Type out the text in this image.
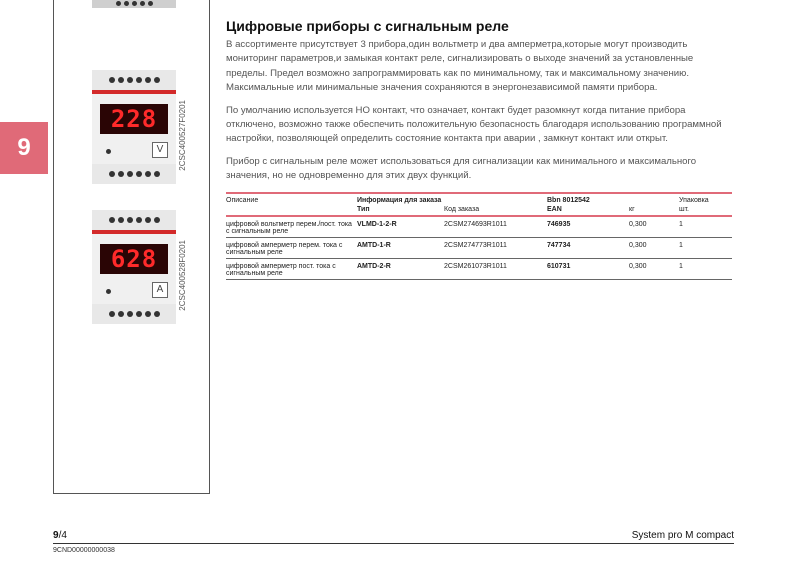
9
228
V	2CSC400527F0201
628
A	2CSC400528F0201
Цифровые приборы с сигнальным реле

В ассортименте присутствует 3 прибора,один вольтметр и два амперметра,которые могут производить мониторинг параметров,и замыкая контакт реле, сигнализировать о выходе значений за установленные пределы. Предел возможно запрограммировать как по минимальному, так и максимальному значению. Максимальные или минимальные значения сохраняются в энергонезависимой памяти прибора.

По умолчанию используется НО контакт, что означает, контакт будет разомкнут когда питание прибора отключено, возможно также обеспечить положительную безопасность благодаря использованию программной настройки, позволяющей определить состояние контакта при аварии , замкнут контакт или открыт.

Прибор с сигнальным реле может использоваться для сигнализации как минимального и максимального значения, но не одновременно для этих двух функций.

Описание	Информация для заказа		Bbn 8012542		Упаковка
	Тип	Код заказа	EAN	кг	шт.
цифровой вольтметр перем./пост. тока с сигнальным реле	VLMD-1-2-R	2CSM274693R1011	746935	0,300	1
цифровой амперметр перем. тока с сигнальным реле	AMTD-1-R	2CSM274773R1011	747734	0,300	1
цифровой амперметр пост. тока с сигнальным реле	AMTD-2-R	2CSM261073R1011	610731	0,300	1
9/4	System pro M compact
9CND00000000038
